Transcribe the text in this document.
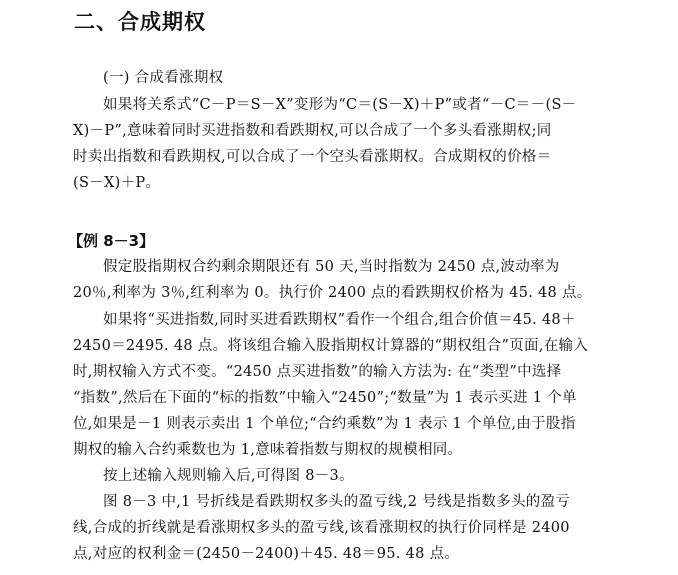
二、合成期权
(一) 合成看涨期权
如果将关系式“C－P＝S－X”变形为“C＝(S－X)＋P”或者“－C＝－(S－
X)－P”,意味着同时买进指数和看跌期权,可以合成了一个多头看涨期权;同
时卖出指数和看跌期权,可以合成了一个空头看涨期权。合成期权的价格＝
(S－X)＋P。
【例 8－3】
假定股指期权合约剩余期限还有 50 天,当时指数为 2450 点,波动率为
20％,利率为 3％,红利率为 0。执行价 2400 点的看跌期权价格为 45. 48 点。
如果将“买进指数,同时买进看跌期权”看作一个组合,组合价值＝45. 48＋
2450＝2495. 48 点。将该组合输入股指期权计算器的“期权组合”页面,在输入
时,期权输入方式不变。“2450 点买进指数”的输入方法为: 在“类型”中选择
“指数”,然后在下面的“标的指数”中输入“2450”;“数量”为 1 表示买进 1 个单
位,如果是－1 则表示卖出 1 个单位;“合约乘数”为 1 表示 1 个单位,由于股指
期权的输入合约乘数也为 1,意味着指数与期权的规模相同。
按上述输入规则输入后,可得图 8－3。
图 8－3 中,1 号折线是看跌期权多头的盈亏线,2 号线是指数多头的盈亏
线,合成的折线就是看涨期权多头的盈亏线,该看涨期权的执行价同样是 2400
点,对应的权利金＝(2450－2400)＋45. 48＝95. 48 点。
